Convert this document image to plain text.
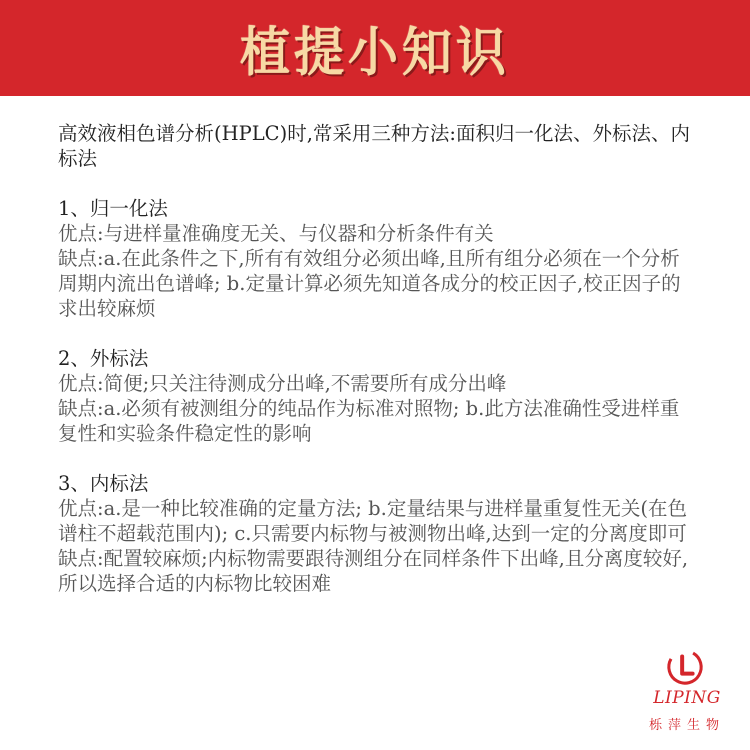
植提小知识
高效液相色谱分析(HPLC)时,常采用三种方法:面积归一化法、外标法、内标法
1、归一化法
优点:与进样量准确度无关、与仪器和分析条件有关
缺点:a.在此条件之下,所有有效组分必须出峰,且所有组分必须在一个分析周期内流出色谱峰; b.定量计算必须先知道各成分的校正因子,校正因子的求出较麻烦
2、外标法
优点:简便;只关注待测成分出峰,不需要所有成分出峰
缺点:a.必须有被测组分的纯品作为标准对照物; b.此方法准确性受进样重复性和实验条件稳定性的影响
3、内标法
优点:a.是一种比较准确的定量方法; b.定量结果与进样量重复性无关(在色谱柱不超载范围内); c.只需要内标物与被测物出峰,达到一定的分离度即可
缺点:配置较麻烦;内标物需要跟待测组分在同样条件下出峰,且分离度较好,所以选择合适的内标物比较困难
LIPING
栎萍生物
